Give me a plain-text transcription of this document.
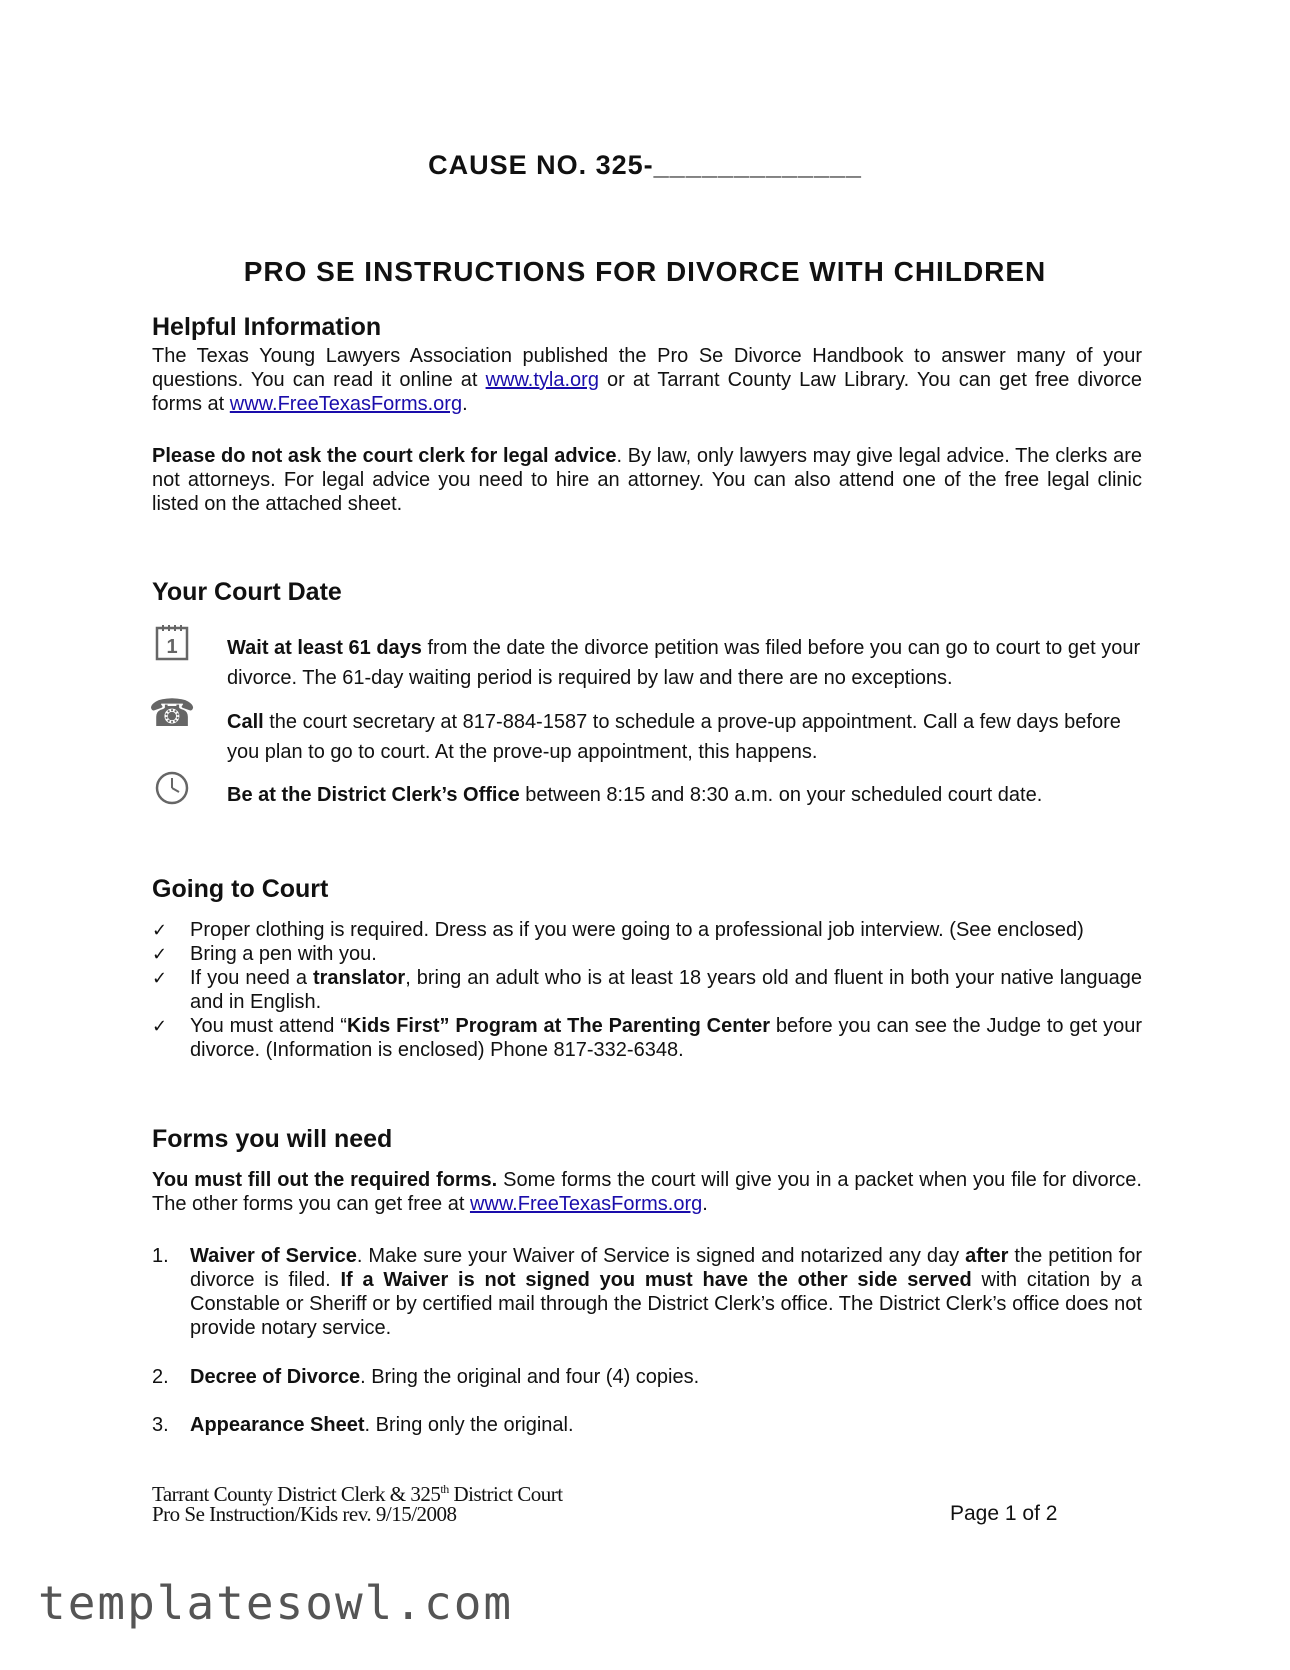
CAUSE NO. 325-_____________
PRO SE INSTRUCTIONS FOR DIVORCE WITH CHILDREN
Helpful Information
The Texas Young Lawyers Association published the Pro Se Divorce Handbook to answer many of your questions. You can read it online at www.tyla.org or at Tarrant County Law Library. You can get free divorce forms at www.FreeTexasForms.org.
Please do not ask the court clerk for legal advice. By law, only lawyers may give legal advice. The clerks are not attorneys. For legal advice you need to hire an attorney. You can also attend one of the free legal clinic listed on the attached sheet.
Your Court Date
1 Wait at least 61 days from the date the divorce petition was filed before you can go to court to get your divorce. The 61-day waiting period is required by law and there are no exceptions.
☎ Call the court secretary at 817-884-1587 to schedule a prove-up appointment. Call a few days before you plan to go to court. At the prove-up appointment, this happens.
Be at the District Clerk’s Office between 8:15 and 8:30 a.m. on your scheduled court date.
Going to Court
✓	Proper clothing is required. Dress as if you were going to a professional job interview. (See enclosed)
✓	Bring a pen with you.
✓	If you need a translator, bring an adult who is at least 18 years old and fluent in both your native language and in English.
✓	You must attend “Kids First” Program at The Parenting Center before you can see the Judge to get your divorce. (Information is enclosed) Phone 817-332-6348.
Forms you will need
You must fill out the required forms. Some forms the court will give you in a packet when you file for divorce. The other forms you can get free at www.FreeTexasForms.org.
1.	Waiver of Service. Make sure your Waiver of Service is signed and notarized any day after the petition for divorce is filed. If a Waiver is not signed you must have the other side served with citation by a Constable or Sheriff or by certified mail through the District Clerk’s office. The District Clerk’s office does not provide notary service.
2.	Decree of Divorce. Bring the original and four (4) copies.
3.	Appearance Sheet. Bring only the original.
Tarrant County District Clerk & 325th District Court
Pro Se Instruction/Kids rev. 9/15/2008	Page 1 of 2
templatesowl.com
